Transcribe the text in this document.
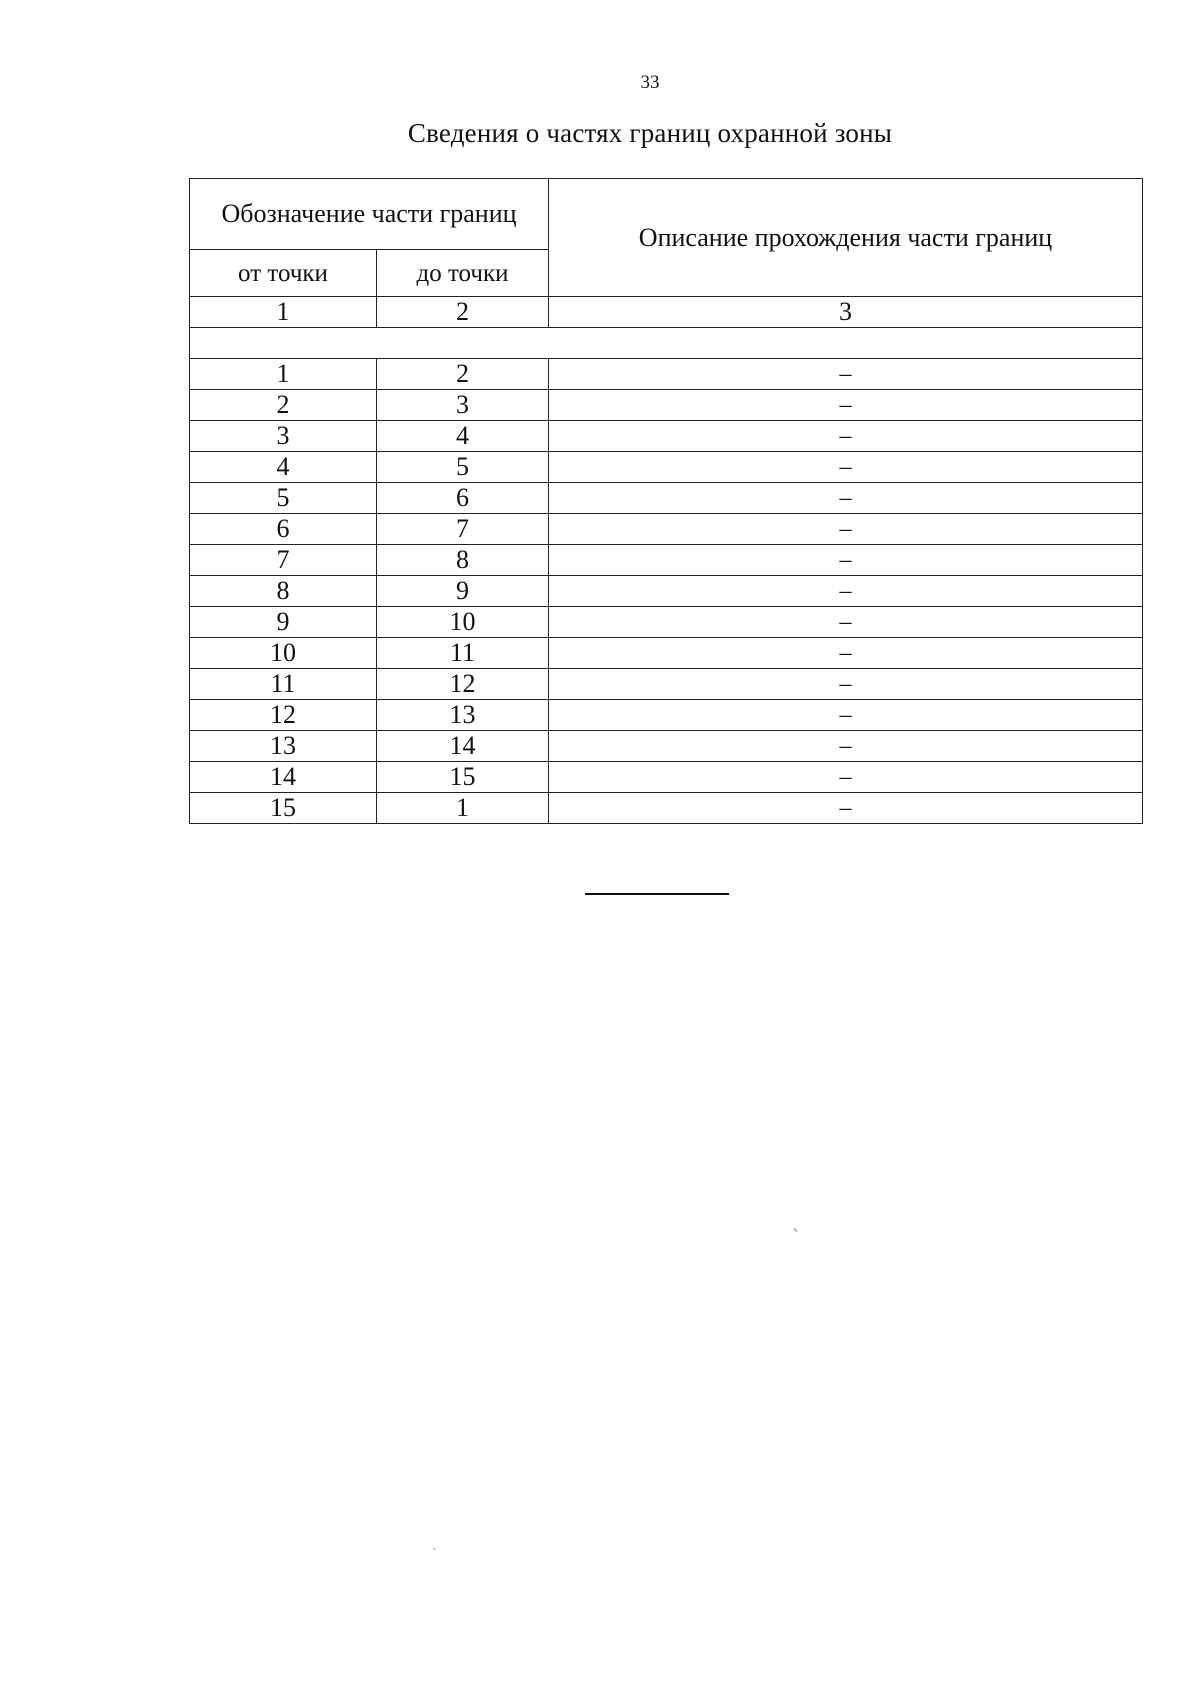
33
Сведения о частях границ охранной зоны
Обозначение части границ		Описание прохождения части границ
от точки	до точки	
1	2	3

1	2	–
2	3	–
3	4	–
4	5	–
5	6	–
6	7	–
7	8	–
8	9	–
9	10	–
10	11	–
11	12	–
12	13	–
13	14	–
14	15	–
15	1	–
